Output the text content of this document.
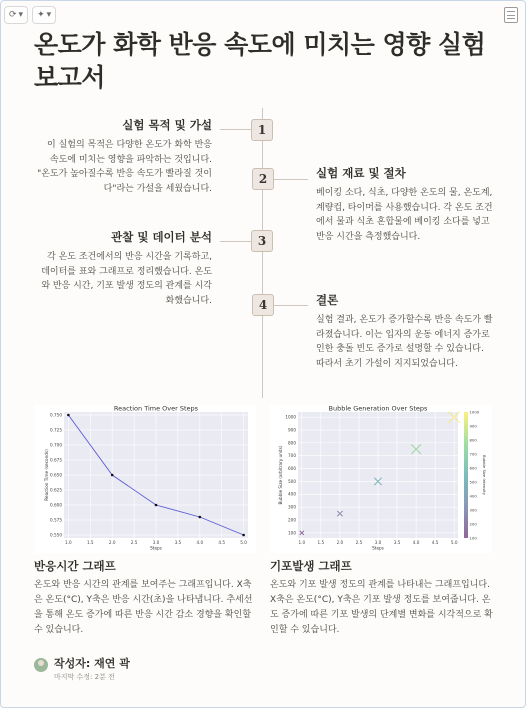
⟳ ▾ ✦ ▾
온도가 화학 반응 속도에 미치는 영향 실험 보고서
1
실험 목적 및 가설
이 실험의 목적은 다양한 온도가 화학 반응 속도에 미치는 영향을 파악하는 것입니다. "온도가 높아질수록 반응 속도가 빨라질 것이다"라는 가설을 세웠습니다.
2	실험 재료 및 절차
베이킹 소다, 식초, 다양한 온도의 물, 온도계, 계량컵, 타이머를 사용했습니다. 각 온도 조건에서 물과 식초 혼합물에 베이킹 소다를 넣고 반응 시간을 측정했습니다.
3
관찰 및 데이터 분석
각 온도 조건에서의 반응 시간을 기록하고, 데이터를 표와 그래프로 정리했습니다. 온도와 반응 시간, 기포 발생 정도의 관계를 시각화했습니다.	4	결론
실험 결과, 온도가 증가할수록 반응 속도가 빨라졌습니다. 이는 입자의 운동 에너지 증가로 인한 충돌 빈도 증가로 설명할 수 있습니다. 따라서 초기 가설이 지지되었습니다.
1.0	1.5	2.0	2.5	3.0	3.5	4.0	4.5	5.0
0.550
0.575
0.600
0.625
0.650
0.675
0.700
0.725
0.750
Reaction Time Over Steps
Steps
Reaction Time (seconds)
반응시간 그래프
온도와 반응 시간의 관계를 보여주는 그래프입니다. X축은 온도(°C), Y축은 반응 시간(초)을 나타냅니다. 추세선을 통해 온도 증가에 따른 반응 시간 감소 경향을 확인할 수 있습니다.
1.0	1.5	2.0	2.5	3.0	3.5	4.0	4.5	5.0
100
200
300
400
500
600
700
800
900
1000
Bubble Generation Over Steps
Steps
Bubble Size (arbitrary units)
100
200
300
400
500
600
700
800
900
1000
Bubble Size Intensity
기포발생 그래프
온도와 기포 발생 정도의 관계를 나타내는 그래프입니다. X축은 온도(°C), Y축은 기포 발생 정도를 보여줍니다. 온도 증가에 따른 기포 발생의 단계별 변화를 시각적으로 확인할 수 있습니다.
작성자: 재연 곽
마지막 수정: 2분 전
